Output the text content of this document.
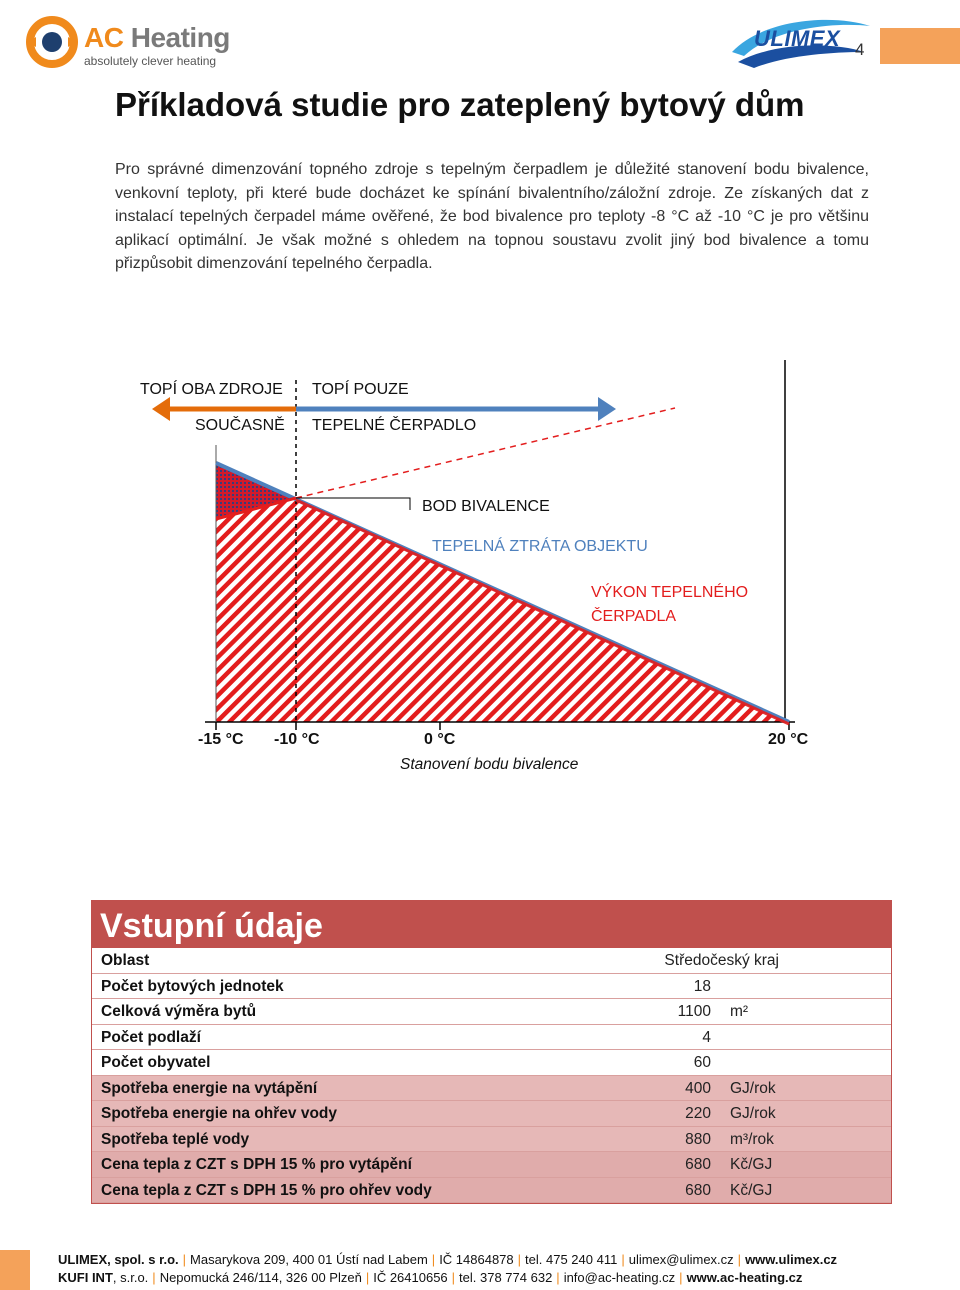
AC Heating
absolutely clever heating
ULIMEX 4
Příkladová studie pro zateplený bytový dům

Pro správné dimenzování topného zdroje s tepelným čerpadlem je důležité stanovení bodu bivalence, venkovní teploty, při které bude docházet ke spínání bivalentního/záložní zdroje. Ze získaných dat z instalací tepelných čerpadel máme ověřené, že bod bivalence pro teploty -8 °C až -10 °C je pro většinu aplikací optimální. Je však možné s ohledem na topnou soustavu zvolit jiný bod bivalence a tomu přizpůsobit dimenzování tepelného čerpadla.

TOPÍ OBA ZDROJE
SOUČASNĚ
TOPÍ POUZE
TEPELNÉ ČERPADLO
BOD BIVALENCE
TEPELNÁ ZTRÁTA OBJEKTU
VÝKON TEPELNÉHO
ČERPADLA
-15 °C -10 °C	0 °C	20 °C
Stanovení bodu bivalence
Vstupní údaje
Oblast	Středočeský kraj
Počet bytových jednotek	18
Celková výměra bytů	1100 m²
Počet podlaží	4
Počet obyvatel	60
Spotřeba energie na vytápění	400 GJ/rok
Spotřeba energie na ohřev vody	220 GJ/rok
Spotřeba teplé vody	880 m³/rok
Cena tepla z CZT s DPH 15 % pro vytápění	680 Kč/GJ
Cena tepla z CZT s DPH 15 % pro ohřev vody	680 Kč/GJ
ULIMEX, spol. s r.o. | Masarykova 209, 400 01 Ústí nad Labem | IČ 14864878 | tel. 475 240 411 | ulimex@ulimex.cz | www.ulimex.cz
KUFI INT, s.r.o. | Nepomucká 246/114, 326 00 Plzeň | IČ 26410656 | tel. 378 774 632 | info@ac-heating.cz | www.ac-heating.cz
